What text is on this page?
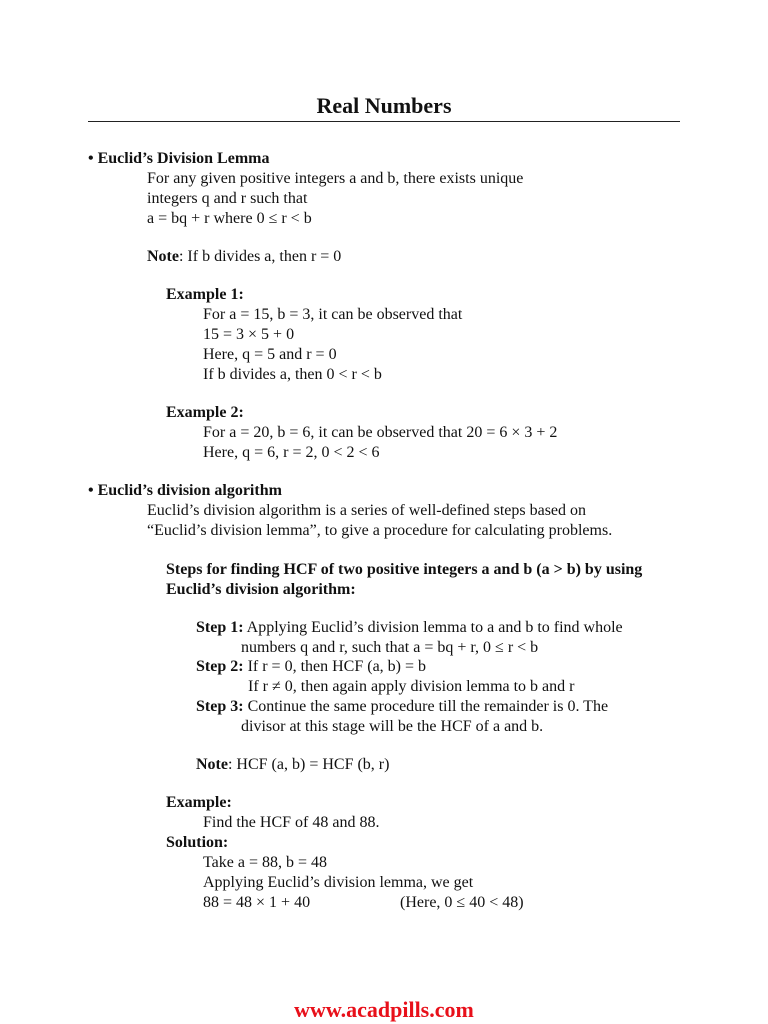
Real Numbers
• Euclid’s Division Lemma
For any given positive integers a and b, there exists unique
integers q and r such that
a = bq + r where 0 ≤ r < b
Note: If b divides a, then r = 0
Example 1:
For a = 15, b = 3, it can be observed that
15 = 3 × 5 + 0
Here, q = 5 and r = 0
If b divides a, then 0 < r < b
Example 2:
For a = 20, b = 6, it can be observed that 20 = 6 × 3 + 2
Here, q = 6, r = 2, 0 < 2 < 6
• Euclid’s division algorithm
Euclid’s division algorithm is a series of well-defined steps based on
“Euclid’s division lemma”, to give a procedure for calculating problems.
Steps for finding HCF of two positive integers a and b (a > b) by using
Euclid’s division algorithm:
Step 1: Applying Euclid’s division lemma to a and b to find whole
numbers q and r, such that a = bq + r, 0 ≤ r < b
Step 2: If r = 0, then HCF (a, b) = b
If r ≠ 0, then again apply division lemma to b and r
Step 3: Continue the same procedure till the remainder is 0. The
divisor at this stage will be the HCF of a and b.
Note: HCF (a, b) = HCF (b, r)
Example:
Find the HCF of 48 and 88.
Solution:
Take a = 88, b = 48
Applying Euclid’s division lemma, we get
88 = 48 × 1 + 40	(Here, 0 ≤ 40 < 48)
www.acadpills.com
